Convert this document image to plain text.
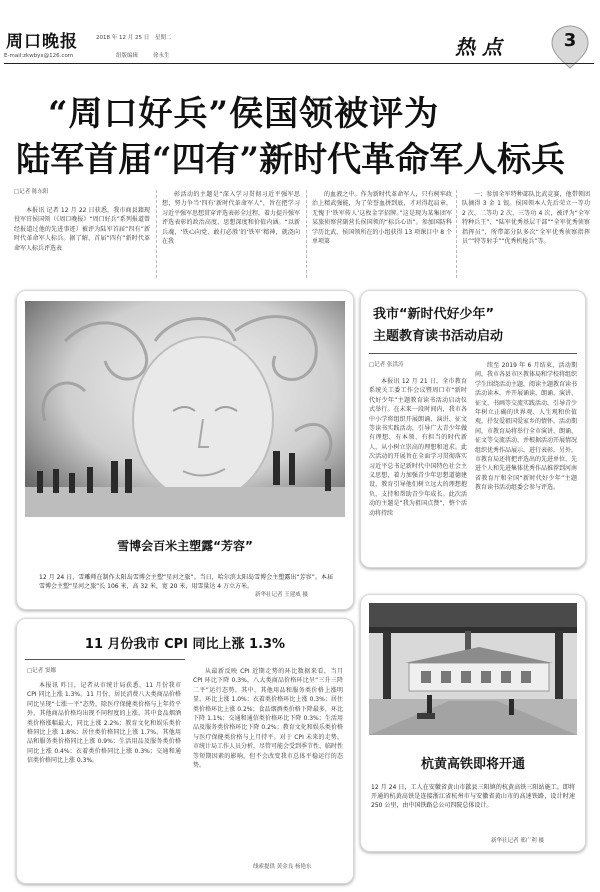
周口晚报	2018 年 12 月 25 日 星期二
E-mail:zkwbyx@126.com	组版编辑	徐永生	热 点	3
“周口好兵”侯国领被评为
陆军首届“四有”新时代革命军人标兵
□记者 陈东阳

本报讯 记者 12 月 22 日获悉，我市商县籍现役军官侯国领（《周口晚报》“周口好兵”系列报道曾经报道过他的先进事迹）被评为陆军首届“四有”新时代革命军人标兵。据了解，首届“四有”新时代革命军人标兵评选表

彰活动的主题是“深入学习贯彻习近平强军思想，努力争当‘四有’新时代革命军人”，旨在把学习习近平强军思想贯穿评选表彰全过程，着力提升强军评选表彰的政治高度、思想深度和价值内涵。“以新兵魂，‘铁心向党、敢打必胜’的‘铁军’精神，就浇向在我

的血液之中。作为新时代革命军人，只有树牢政治上精武强能，为了荣誉血拼到底，才对得起肩章，无愧于‘铁军传人’这枚金字招牌。”这是现为某集团军某旅侦察营副营长侯国领的“标兵心语”。参加国防科学历比武，侯国领所在的小组获得 13 项课目中 8 个单项第

一；参加全军特种部队比武竞赛，他带领团队摘得 3 金 1 银。侯国领本人先后荣立一等功 2 次、二等功 2 次、三等功 4 次，被评为“全军特种兵王”、“陆军优秀基层干部”“全军优秀侦察指挥员”，所带部分队多次“全军优秀侦察指挥员”“特等射手”“优秀机枪兵”等。

雪博会百米主塑露“芳容”

12 月 24 日，雪雕师在制作太阳岛雪博会主塑“星河之旅”。当日，哈尔滨太阳岛雪博会主塑露出“芳容”。本届雪博会主塑“星河之旅”长 106 米，高 32 米，宽 20 米，用雪量达 4 万立方米。

新华社记者 王建威 摄
我市“新时代好少年”
主题教育读书活动启动
□记者 张洪涛

本报讯 12 月 21 日，全市教育系统关工委工作会议暨周口市“新时代好少年”主题教育读书活动启动仪式举行。在未来一段时间内，我市各中小学将组织开展朗诵、演讲、征文等读书实践活动，引导广大青少年做有理想、有本领、有担当的时代新人，从小树立崇高的理想和追求。此次活动的开展旨在全面学习贯彻落实习近平总书记新时代中国特色社会主义思想，着力加强青少年思想道德建设，教育引导他们树立远大的理想抱负，支持和帮助青少年成长。此次活动的主题是“我为祖国点赞”，整个活动将持续

续至 2019 年 6 月结束，活动期间，我市各县市区教体局和学校将组织学生围绕活动主题，阅读主题教育读书活动读本，并开展诵读、朗诵、演讲、征文、书画等交流实践活动，引导青少年树立正确的世界观、人生观和价值观，抒发爱祖国爱家乡的情怀。活动期间，市教育局将举行全市演讲、朗诵、征文等交流活动，并根据活动开展情况组织优秀作品展示，进行表彰。另外，市教育局还将把评选出的先进单位、先进个人和先进集体优秀作品推荐到河南省教育厅和全国“新时代好少年”主题教育读书活动组委会参与评选。

11 月份我市 CPI 同比上涨 1.3%
□记者 窦娜

本报讯 昨日，记者从市统计局获悉，11 月份我市 CPI 同比上涨 1.3%。11 月份，居民消费八大类商品价格同比呈现“七涨一平”态势，除医疗保健类价格与上年持平外，其他商品价格均出现不同程度的上涨。其中食品烟酒类价格涨幅最大，同比上涨 2.2%；教育文化和娱乐类价格同比上涨 1.8%；居住类价格同比上涨 1.7%。其他用品和服务类价格同比上涨 0.9%；生活用品及服务类价格同比上涨 0.4%；衣着类价格同比上涨 0.3%；交通和通信类价格同比上涨 0.3%。

从最新反映 CPI 近期走势的环比数据来看，当月 CPI 环比下降 0.3%，八大类商品价格环比呈“三升三降二平”运行态势。其中，其他用品和服务类价格上涨明显，环比上涨 1.0%；衣着类价格环比上涨 0.3%；居住类价格环比上涨 0.2%；食品烟酒类价格下降最多，环比下降 1.1%；交通和通信类价格环比下降 0.3%；生活用品及服务类价格环比下降 0.2%；教育文化和娱乐类价格与医疗保健类价格与上月持平。对于 CPI 未来的走势，市统计局工作人员分析，尽管可能会受到季节性、临时性等短期因素的影响，但不会改变我市总体平稳运行的态势。

线索提供 黄金良 杨艳东
杭黄高铁即将开通

12 月 24 日，工人在安徽省黄山市歙县三阳镇的杭黄高铁三阳站施工。即将开通的杭黄高铁是连接浙江省杭州市与安徽省黄山市的高速铁路，设计时速 250 公里，由中国铁路总公司四院总体设计。

新华社记者 邢广利 摄
